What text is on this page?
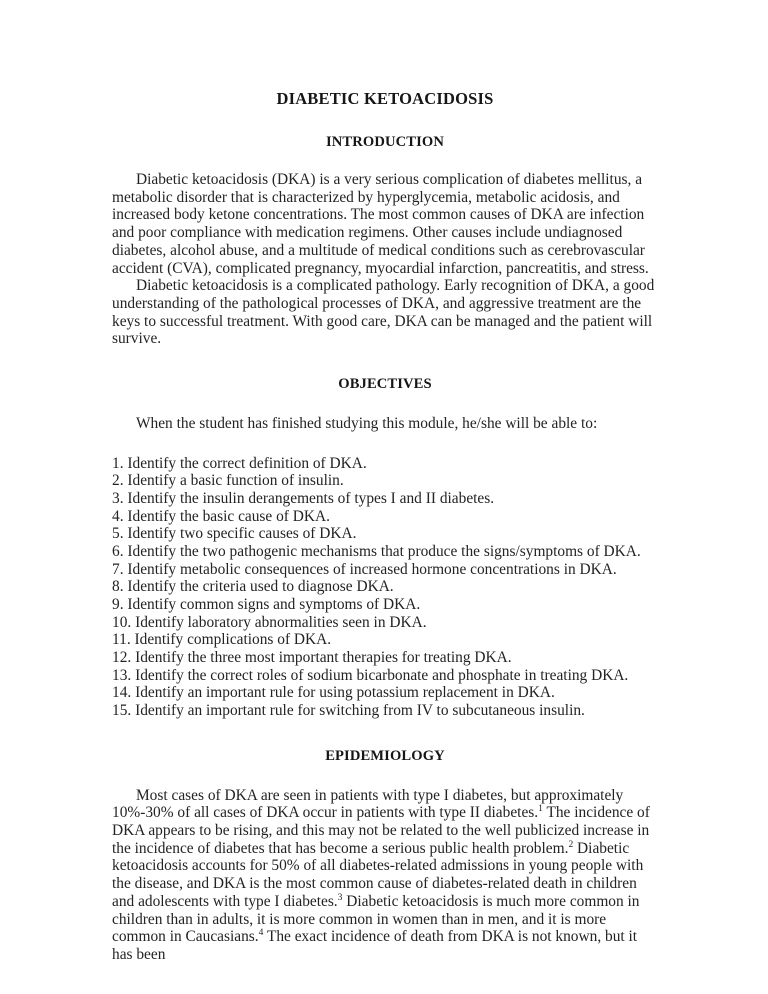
DIABETIC KETOACIDOSIS
INTRODUCTION

Diabetic ketoacidosis (DKA) is a very serious complication of diabetes mellitus, a metabolic disorder that is characterized by hyperglycemia, metabolic acidosis, and increased body ketone concentrations. The most common causes of DKA are infection and poor compliance with medication regimens. Other causes include undiagnosed diabetes, alcohol abuse, and a multitude of medical conditions such as cerebrovascular accident (CVA), complicated pregnancy, myocardial infarction, pancreatitis, and stress.

Diabetic ketoacidosis is a complicated pathology. Early recognition of DKA, a good understanding of the pathological processes of DKA, and aggressive treatment are the keys to successful treatment. With good care, DKA can be managed and the patient will survive.

OBJECTIVES

When the student has finished studying this module, he/she will be able to:

1. Identify the correct definition of DKA.
2. Identify a basic function of insulin.
3. Identify the insulin derangements of types I and II diabetes.
4. Identify the basic cause of DKA.
5. Identify two specific causes of DKA.
6. Identify the two pathogenic mechanisms that produce the signs/symptoms of DKA.
7. Identify metabolic consequences of increased hormone concentrations in DKA.
8. Identify the criteria used to diagnose DKA.
9. Identify common signs and symptoms of DKA.
10. Identify laboratory abnormalities seen in DKA.
11. Identify complications of DKA.
12. Identify the three most important therapies for treating DKA.
13. Identify the correct roles of sodium bicarbonate and phosphate in treating DKA.
14. Identify an important rule for using potassium replacement in DKA.
15. Identify an important rule for switching from IV to subcutaneous insulin.
EPIDEMIOLOGY

Most cases of DKA are seen in patients with type I diabetes, but approximately 10%-30% of all cases of DKA occur in patients with type II diabetes.$^1$ The incidence of DKA appears to be rising, and this may not be related to the well publicized increase in the incidence of diabetes that has become a serious public health problem.$^2$ Diabetic ketoacidosis accounts for 50% of all diabetes-related admissions in young people with the disease, and DKA is the most common cause of diabetes-related death in children and adolescents with type I diabetes.$^3$ Diabetic ketoacidosis is much more common in children than in adults, it is more common in women than in men, and it is more common in Caucasians.$^4$ The exact incidence of death from DKA is not known, but it has been
